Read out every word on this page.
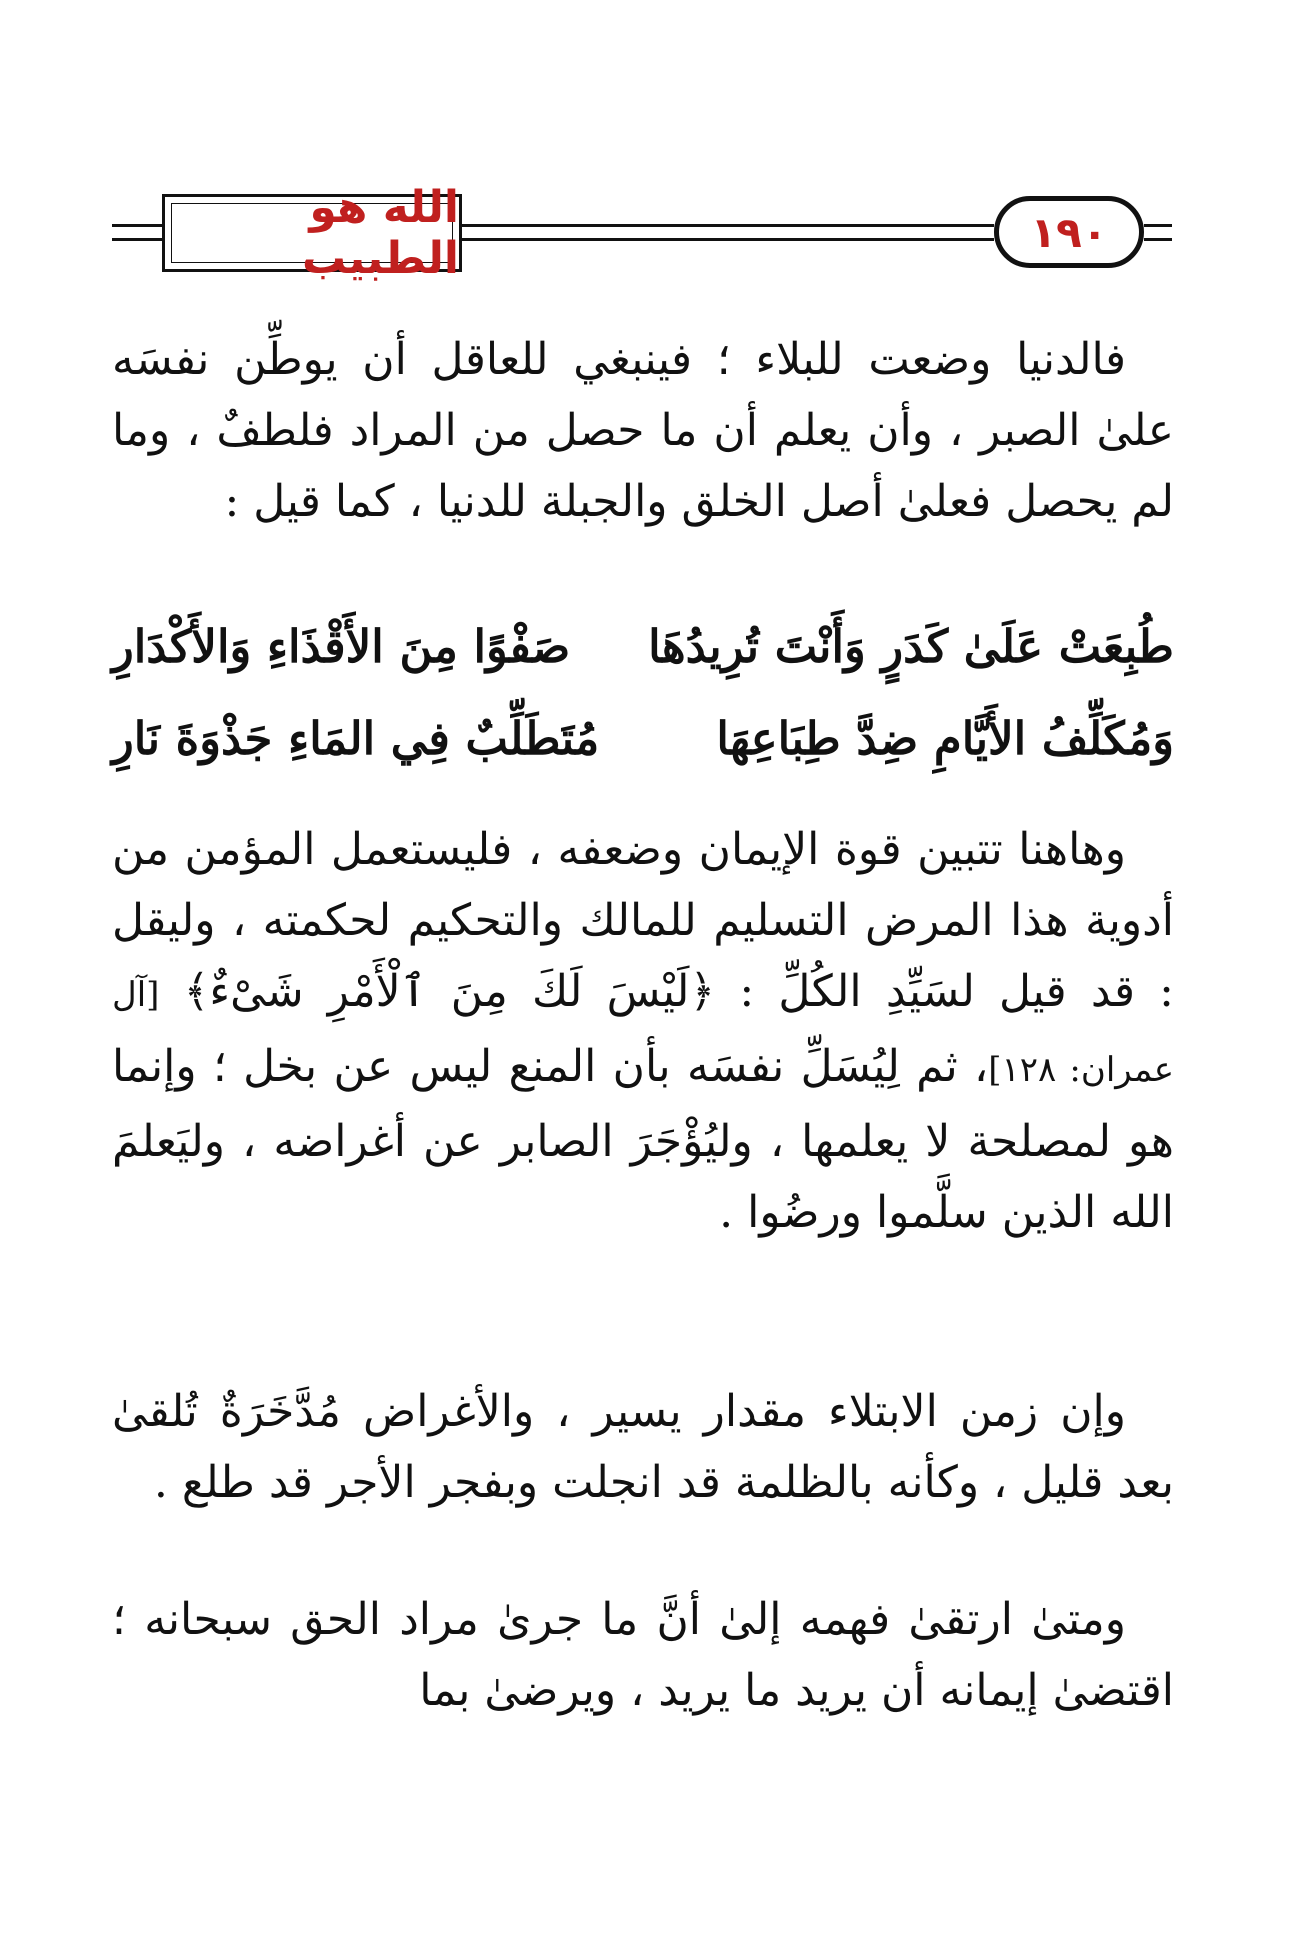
الله هو الطبيب
١٩٠
فالدنيا وضعت للبلاء ؛ فينبغي للعاقل أن يوطِّن نفسَه علىٰ الصبر ، وأن يعلم أن ما حصل من المراد فلطفٌ ، وما لم يحصل فعلىٰ أصل الخلق والجبلة للدنيا ، كما قيل :
طُبِعَتْ عَلَىٰ كَدَرٍ وَأَنْتَ تُرِيدُهَا
صَفْوًا مِنَ الأَقْذَاءِ وَالأَكْدَارِ
وَمُكَلِّفُ الأَيَّامِ ضِدَّ طِبَاعِهَا
مُتَطَلِّبٌ فِي المَاءِ جَذْوَةَ نَارِ
وهاهنا تتبين قوة الإيمان وضعفه ، فليستعمل المؤمن من أدوية هذا المرض التسليم للمالك والتحكيم لحكمته ، وليقل : قد قيل لسَيِّدِ الكُلِّ : ﴿لَيْسَ لَكَ مِنَ ٱلْأَمْرِ شَىْءٌ﴾ [آل عمران: ١٢٨]، ثم لِيُسَلِّ نفسَه بأن المنع ليس عن بخل ؛ وإنما هو لمصلحة لا يعلمها ، وليُؤْجَرَ الصابر عن أغراضه ، وليَعلمَ الله الذين سلَّموا ورضُوا .
وإن زمن الابتلاء مقدار يسير ، والأغراض مُدَّخَرَةٌ تُلقىٰ بعد قليل ، وكأنه بالظلمة قد انجلت وبفجر الأجر قد طلع .
ومتىٰ ارتقىٰ فهمه إلىٰ أنَّ ما جرىٰ مراد الحق سبحانه ؛ اقتضىٰ إيمانه أن يريد ما يريد ، ويرضىٰ بما
